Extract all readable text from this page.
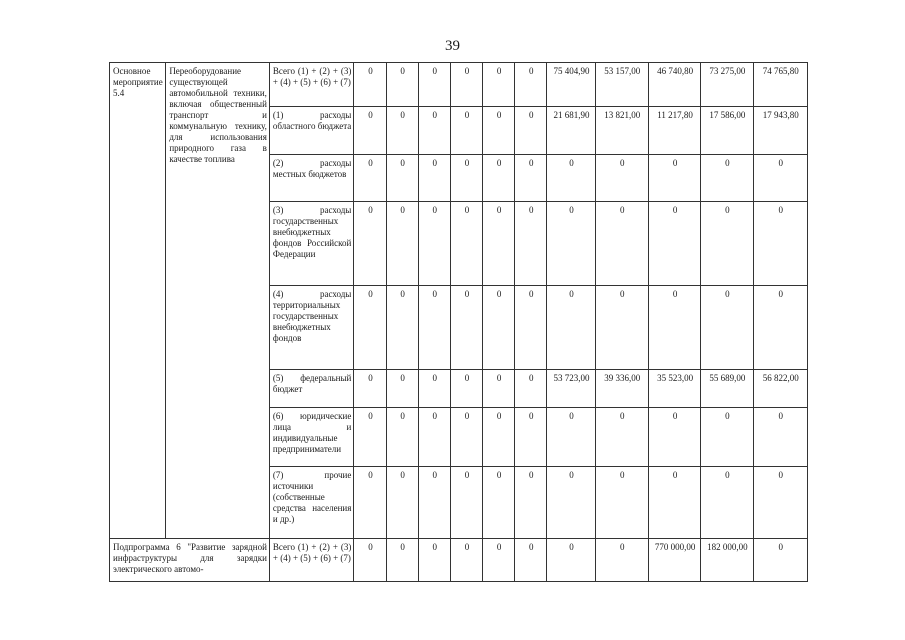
39
Основное мероприятие 5.4	Переоборудование существующей автомобильной техники, включая общественный транспорт и коммунальную технику, для использования природного газа в качестве топлива	Всего (1) + (2) + (3) + (4) + (5) + (6) + (7)	0	0	0	0	0	0	75 404,90	53 157,00	46 740,80	73 275,00	74 765,80
		(1) расходы областного бюджета	0	0	0	0	0	0	21 681,90	13 821,00	11 217,80	17 586,00	17 943,80
		(2) расходы местных бюджетов	0	0	0	0	0	0	0	0	0	0	0
		(3) расходы государственных внебюджетных фондов Российской Федерации	0	0	0	0	0	0	0	0	0	0	0
		(4) расходы территориальных государственных внебюджетных фондов	0	0	0	0	0	0	0	0	0	0	0
		(5) федеральный бюджет	0	0	0	0	0	0	53 723,00	39 336,00	35 523,00	55 689,00	56 822,00
		(6) юридические лица и индивидуальные предприниматели	0	0	0	0	0	0	0	0	0	0	0
		(7) прочие источники (собственные средства населения и др.)	0	0	0	0	0	0	0	0	0	0	0
Подпрограмма 6 "Развитие зарядной инфраструктуры для зарядки электрического автомо-		Всего (1) + (2) + (3) + (4) + (5) + (6) + (7)	0	0	0	0	0	0	0	0	770 000,00	182 000,00	0
